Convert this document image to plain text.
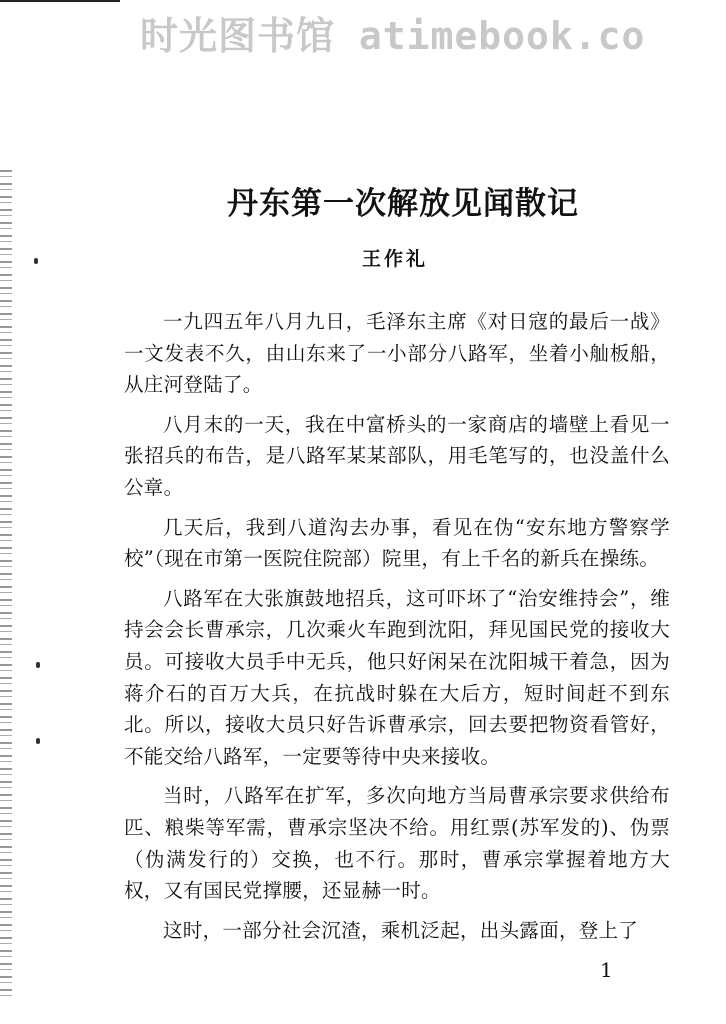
时光图书馆 atimebook.co
丹东第一次解放见闻散记
王作礼

一九四五年八月九日，毛泽东主席《对日寇的最后一战》一文发表不久，由山东来了一小部分八路军，坐着小舢板船，从庄河登陆了。

八月末的一天，我在中富桥头的一家商店的墙壁上看见一张招兵的布告，是八路军某某部队，用毛笔写的，也没盖什么公章。

几天后，我到八道沟去办事，看见在伪“安东地方警察学校”（现在市第一医院住院部）院里，有上千名的新兵在操练。

八路军在大张旗鼓地招兵，这可吓坏了“治安维持会”，维持会会长曹承宗，几次乘火车跑到沈阳，拜见国民党的接收大员。可接收大员手中无兵，他只好闲呆在沈阳城干着急，因为蒋介石的百万大兵，在抗战时躲在大后方，短时间赶不到东北。所以，接收大员只好告诉曹承宗，回去要把物资看管好，不能交给八路军，一定要等待中央来接收。

当时，八路军在扩军，多次向地方当局曹承宗要求供给布匹、粮柴等军需，曹承宗坚决不给。用红票(苏军发的)、伪票（伪满发行的）交换，也不行。那时，曹承宗掌握着地方大权，又有国民党撑腰，还显赫一时。

这时，一部分社会沉渣，乘机泛起，出头露面，登上了

1
